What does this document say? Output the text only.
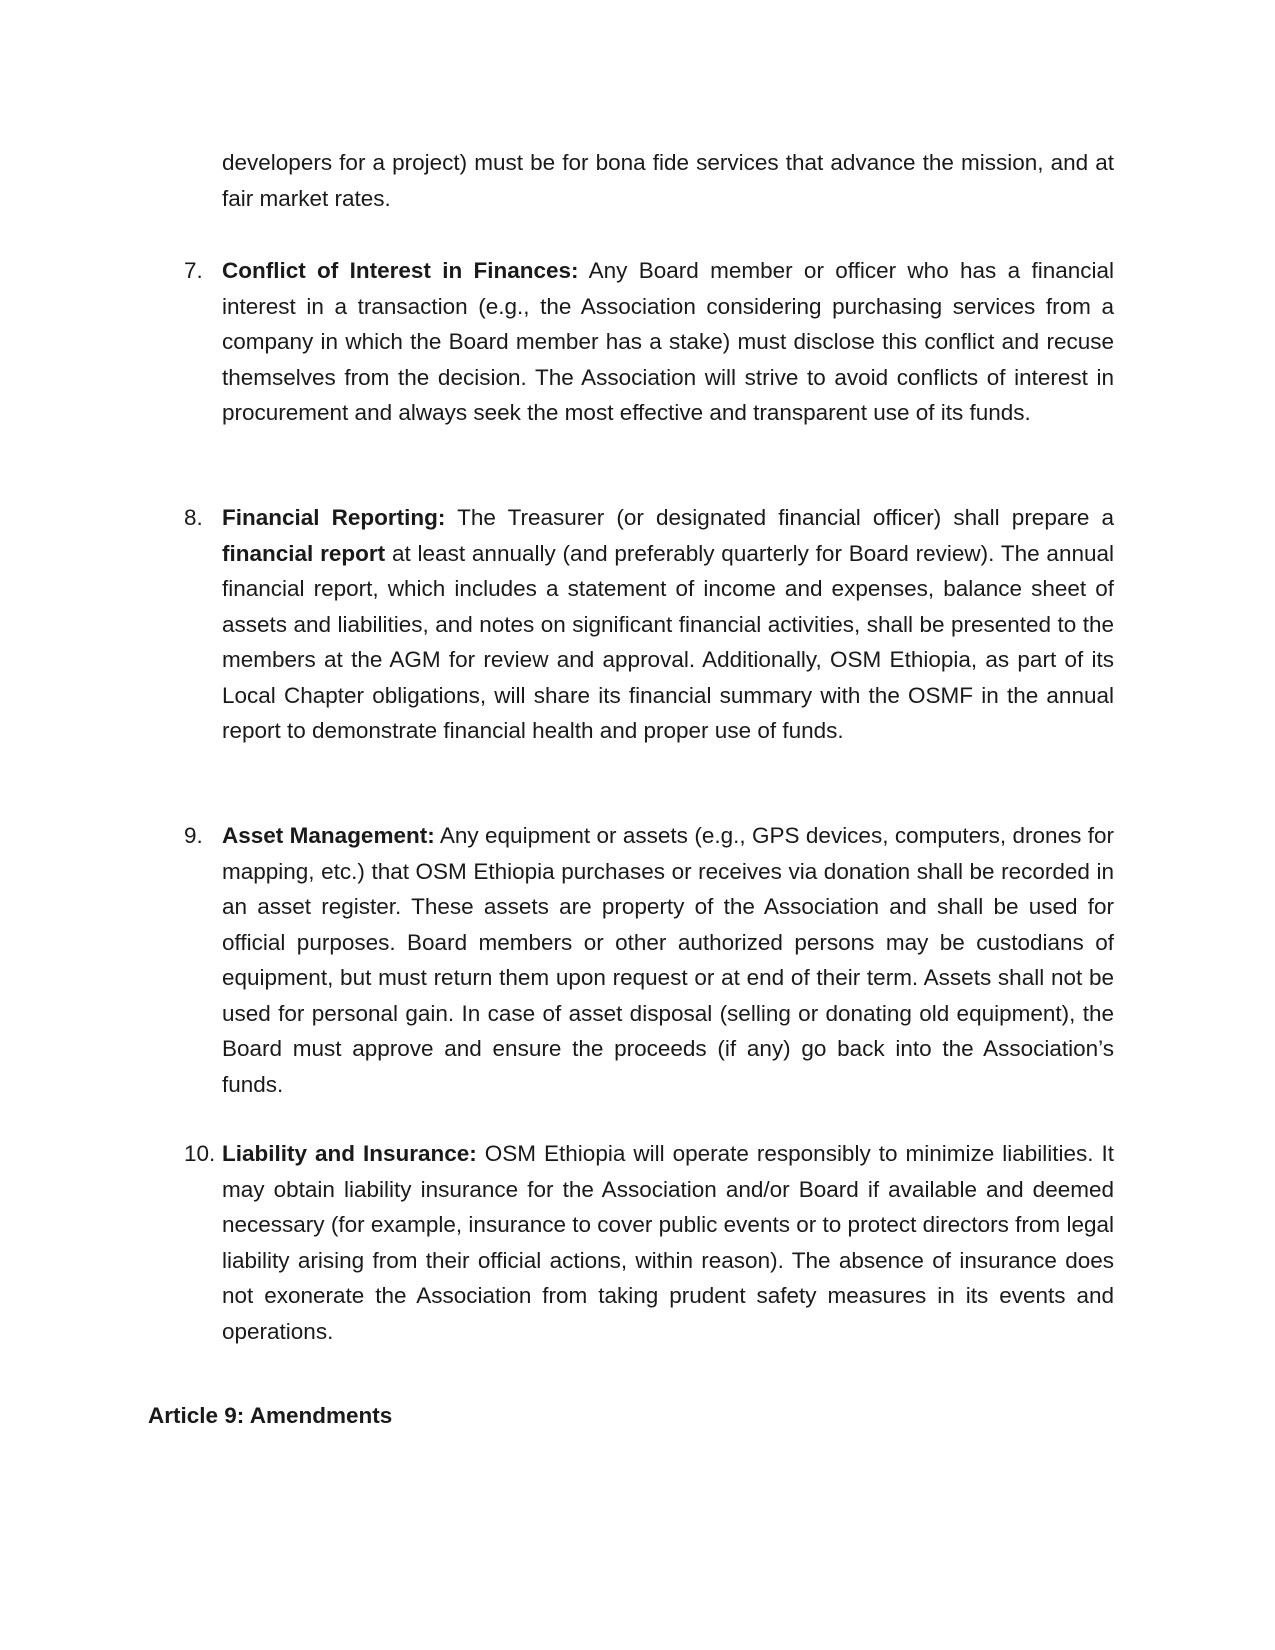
developers for a project) must be for bona fide services that advance the mission, and at fair market rates.

7. Conflict of Interest in Finances: Any Board member or officer who has a financial interest in a transaction (e.g., the Association considering purchasing services from a company in which the Board member has a stake) must disclose this conflict and recuse themselves from the decision. The Association will strive to avoid conflicts of interest in procurement and always seek the most effective and transparent use of its funds.

8. Financial Reporting: The Treasurer (or designated financial officer) shall prepare a financial report at least annually (and preferably quarterly for Board review). The annual financial report, which includes a statement of income and expenses, balance sheet of assets and liabilities, and notes on significant financial activities, shall be presented to the members at the AGM for review and approval. Additionally, OSM Ethiopia, as part of its Local Chapter obligations, will share its financial summary with the OSMF in the annual report to demonstrate financial health and proper use of funds.

9. Asset Management: Any equipment or assets (e.g., GPS devices, computers, drones for mapping, etc.) that OSM Ethiopia purchases or receives via donation shall be recorded in an asset register. These assets are property of the Association and shall be used for official purposes. Board members or other authorized persons may be custodians of equipment, but must return them upon request or at end of their term. Assets shall not be used for personal gain. In case of asset disposal (selling or donating old equipment), the Board must approve and ensure the proceeds (if any) go back into the Association’s funds.

10. Liability and Insurance: OSM Ethiopia will operate responsibly to minimize liabilities. It may obtain liability insurance for the Association and/or Board if available and deemed necessary (for example, insurance to cover public events or to protect directors from legal liability arising from their official actions, within reason). The absence of insurance does not exonerate the Association from taking prudent safety measures in its events and operations.

Article 9: Amendments
